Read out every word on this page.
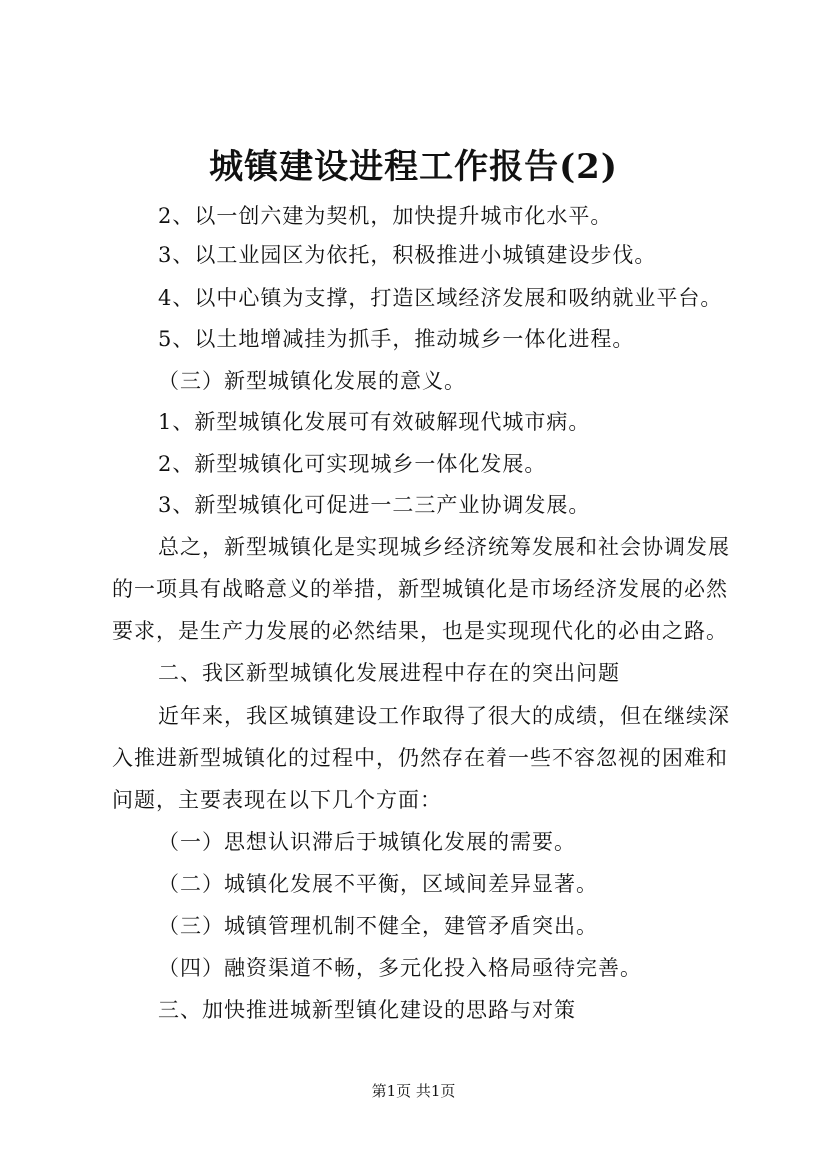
城镇建设进程工作报告(2)
2、以一创六建为契机，加快提升城市化水平。
3、以工业园区为依托，积极推进小城镇建设步伐。
4、以中心镇为支撑，打造区域经济发展和吸纳就业平台。
5、以土地增减挂为抓手，推动城乡一体化进程。
（三）新型城镇化发展的意义。
1、新型城镇化发展可有效破解现代城市病。
2、新型城镇化可实现城乡一体化发展。
3、新型城镇化可促进一二三产业协调发展。
总之，新型城镇化是实现城乡经济统筹发展和社会协调发展
的一项具有战略意义的举措，新型城镇化是市场经济发展的必然
要求，是生产力发展的必然结果，也是实现现代化的必由之路。
二、我区新型城镇化发展进程中存在的突出问题
近年来，我区城镇建设工作取得了很大的成绩，但在继续深
入推进新型城镇化的过程中，仍然存在着一些不容忽视的困难和
问题，主要表现在以下几个方面：
（一）思想认识滞后于城镇化发展的需要。
（二）城镇化发展不平衡，区域间差异显著。
（三）城镇管理机制不健全，建管矛盾突出。
（四）融资渠道不畅，多元化投入格局亟待完善。
三、加快推进城新型镇化建设的思路与对策
第1页 共1页
